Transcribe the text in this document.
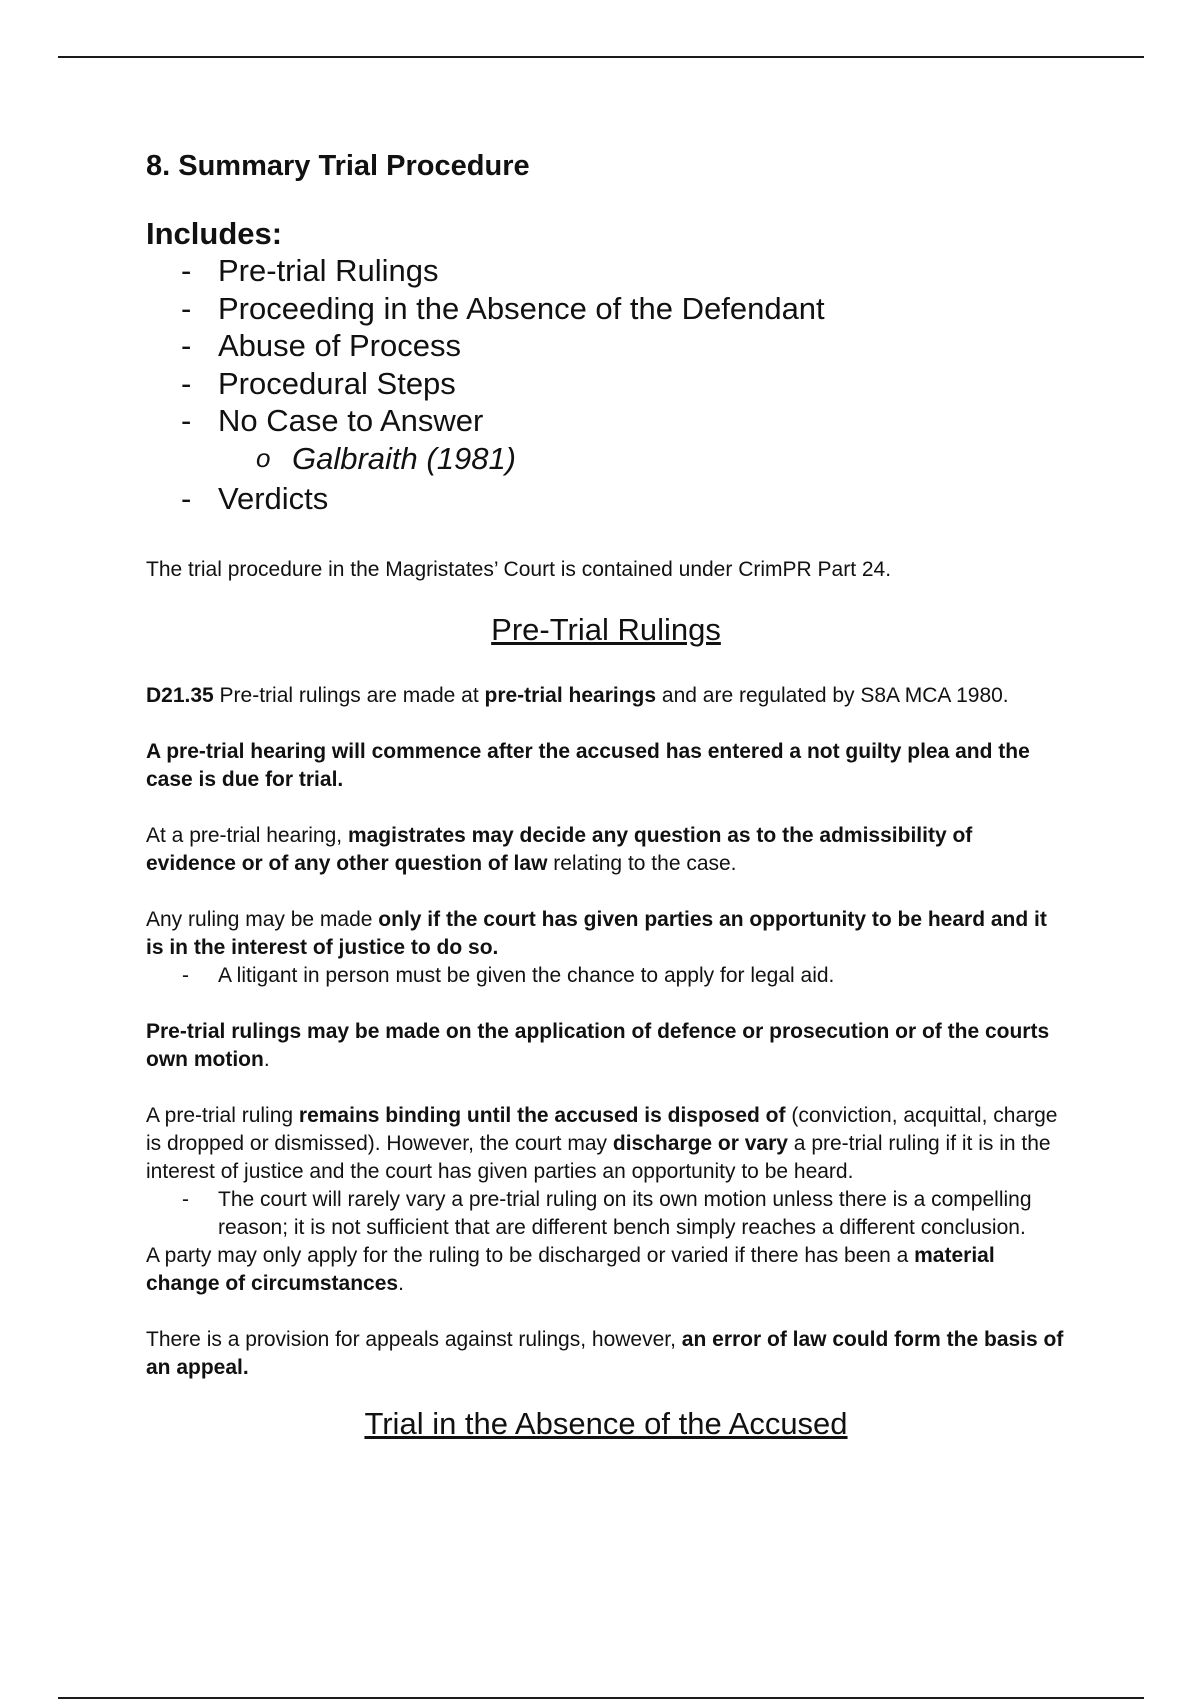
8. Summary Trial Procedure
Includes:
- Pre-trial Rulings
- Proceeding in the Absence of the Defendant
- Abuse of Process
- Procedural Steps
- No Case to Answer
o Galbraith (1981)
- Verdicts

The trial procedure in the Magristates’ Court is contained under CrimPR Part 24.

Pre-Trial Rulings

D21.35 Pre-trial rulings are made at pre-trial hearings and are regulated by S8A MCA 1980.

A pre-trial hearing will commence after the accused has entered a not guilty plea and the case is due for trial.

At a pre-trial hearing, magistrates may decide any question as to the admissibility of evidence or of any other question of law relating to the case.

Any ruling may be made only if the court has given parties an opportunity to be heard and it is in the interest of justice to do so.

- A litigant in person must be given the chance to apply for legal aid.

Pre-trial rulings may be made on the application of defence or prosecution or of the courts own motion.

A pre-trial ruling remains binding until the accused is disposed of (conviction, acquittal, charge is dropped or dismissed). However, the court may discharge or vary a pre-trial ruling if it is in the interest of justice and the court has given parties an opportunity to be heard.

- The court will rarely vary a pre-trial ruling on its own motion unless there is a compelling reason; it is not sufficient that are different bench simply reaches a different conclusion.

A party may only apply for the ruling to be discharged or varied if there has been a material change of circumstances.

There is a provision for appeals against rulings, however, an error of law could form the basis of an appeal.

Trial in the Absence of the Accused
